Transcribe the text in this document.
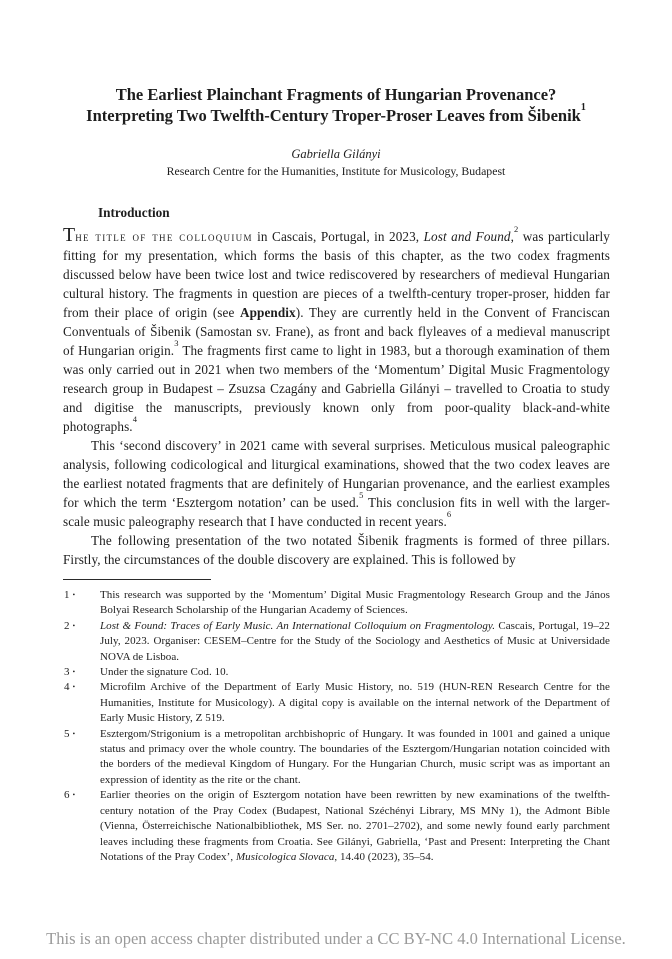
The Earliest Plainchant Fragments of Hungarian Provenance?
Interpreting Two Twelfth-Century Troper-Proser Leaves from Šibenik$^1$
Gabriella Gilányi
Research Centre for the Humanities, Institute for Musicology, Budapest
Introduction

The title of the colloquium in Cascais, Portugal, in 2023, Lost and Found,$^2$ was particularly fitting for my presentation, which forms the basis of this chapter, as the two codex fragments discussed below have been twice lost and twice rediscovered by researchers of medieval Hungarian cultural history. The fragments in question are pieces of a twelfth-century troper-proser, hidden far from their place of origin (see Appendix). They are currently held in the Convent of Franciscan Conventuals of Šibenik (Samostan sv. Frane), as front and back flyleaves of a medieval manuscript of Hungarian origin.$^3$ The fragments first came to light in 1983, but a thorough examination of them was only carried out in 2021 when two members of the ‘Momentum’ Digital Music Fragmentology research group in Budapest – Zsuzsa Czagány and Gabriella Gilányi – travelled to Croatia to study and digitise the manuscripts, previously known only from poor-quality black-and-white photographs.$^4$

This ‘second discovery’ in 2021 came with several surprises. Meticulous musical paleographic analysis, following codicological and liturgical examinations, showed that the two codex leaves are the earliest notated fragments that are definitely of Hungarian provenance, and the earliest examples for which the term ‘Esztergom notation’ can be used.$^5$ This conclusion fits in well with the larger-scale music paleography research that I have conducted in recent years.$^6$

The following presentation of the two notated Šibenik fragments is formed of three pillars. Firstly, the circumstances of the double discovery are explained. This is followed by

1 • This research was supported by the ‘Momentum’ Digital Music Fragmentology Research Group and the János Bolyai Research Scholarship of the Hungarian Academy of Sciences.
2 • Lost & Found: Traces of Early Music. An International Colloquium on Fragmentology. Cascais, Portugal, 19–22 July, 2023. Organiser: CESEM–Centre for the Study of the Sociology and Aesthetics of Music at Universidade NOVA de Lisboa.
3 • Under the signature Cod. 10.
4 • Microfilm Archive of the Department of Early Music History, no. 519 (HUN-REN Research Centre for the Humanities, Institute for Musicology). A digital copy is available on the internal network of the Department of Early Music History, Z 519.
5 • Esztergom/Strigonium is a metropolitan archbishopric of Hungary. It was founded in 1001 and gained a unique status and primacy over the whole country. The boundaries of the Esztergom/Hungarian notation coincided with the borders of the medieval Kingdom of Hungary. For the Hungarian Church, music script was as important an expression of identity as the rite or the chant.
6 • Earlier theories on the origin of Esztergom notation have been rewritten by new examinations of the twelfth-century notation of the Pray Codex (Budapest, National Széchényi Library, MS MNy 1), the Admont Bible (Vienna, Österreichische Nationalbibliothek, MS Ser. no. 2701–2702), and some newly found early parchment leaves including these fragments from Croatia. See Gilányi, Gabriella, ‘Past and Present: Interpreting the Chant Notations of the Pray Codex’, Musicologica Slovaca, 14.40 (2023), 35–54.
This is an open access chapter distributed under a CC BY-NC 4.0 International License.
